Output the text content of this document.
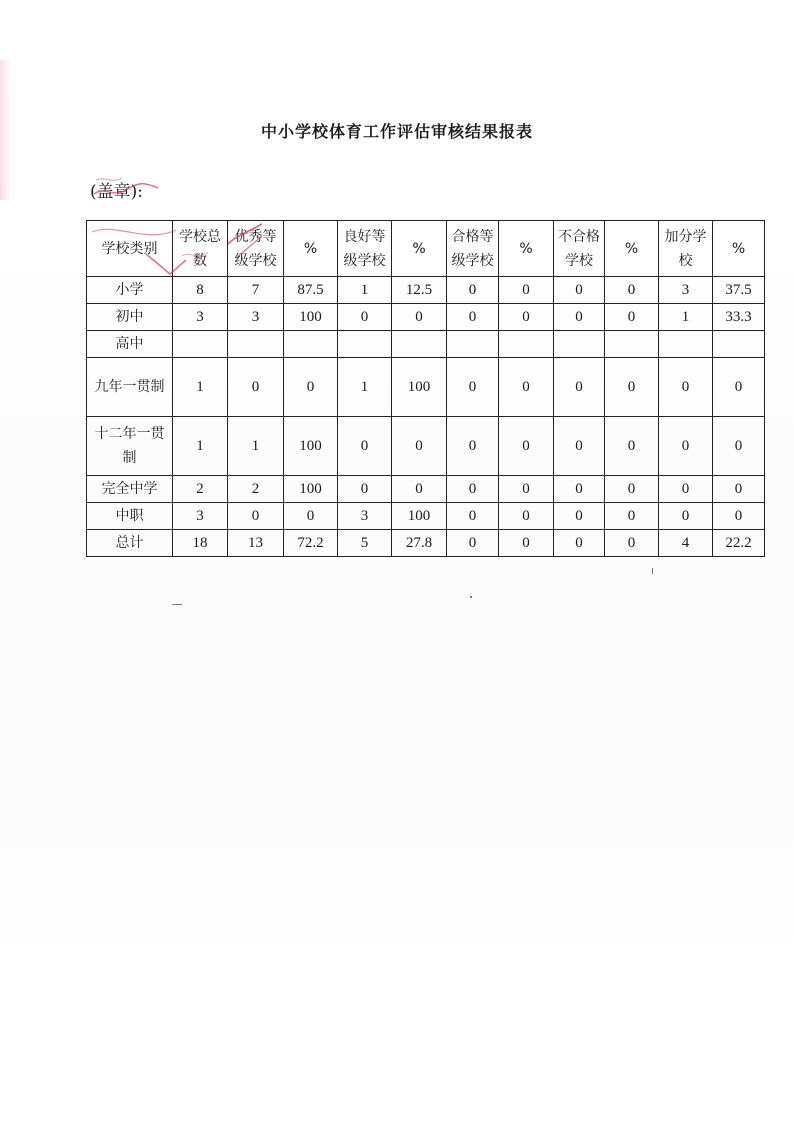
中小学校体育工作评估审核结果报表
(盖章):
学校类别	学校总数	优秀等级学校	%	良好等级学校	%	合格等级学校	%	不合格学校	%	加分学校	%

小学	8	7	87.5	1	12.5	0	0	0	0	3	37.5
初中	3	3	100	0	0	0	0	0	0	1	33.3
高中											

九年一贯制	1	0	0	1	100	0	0	0	0	0	0

十二年一贯制	1	1	100	0	0	0	0	0	0	0	0
完全中学	2	2	100	0	0	0	0	0	0	0	0
中职	3	0	0	3	100	0	0	0	0	0	0
总计	18	13	72.2	5	27.8	0	0	0	0	4	22.2
